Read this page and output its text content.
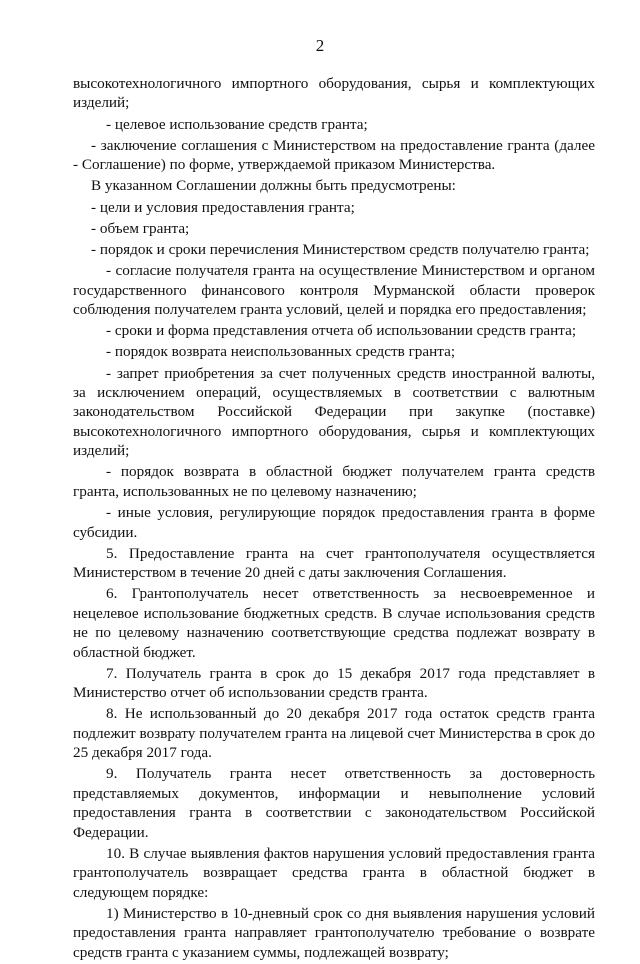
2

высокотехнологичного импортного оборудования, сырья и комплектующих изделий;

- целевое использование средств гранта;

- заключение соглашения с Министерством на предоставление гранта (далее - Соглашение) по форме, утверждаемой приказом Министерства.

В указанном Соглашении должны быть предусмотрены:

- цели и условия предоставления гранта;

- объем гранта;

- порядок и сроки перечисления Министерством средств получателю гранта;

- согласие получателя гранта на осуществление Министерством и органом государственного финансового контроля Мурманской области проверок соблюдения получателем гранта условий, целей и порядка его предоставления;

- сроки и форма представления отчета об использовании средств гранта;

- порядок возврата неиспользованных средств гранта;

- запрет приобретения за счет полученных средств иностранной валюты, за исключением операций, осуществляемых в соответствии с валютным законодательством Российской Федерации при закупке (поставке) высокотехнологичного импортного оборудования, сырья и комплектующих изделий;

- порядок возврата в областной бюджет получателем гранта средств гранта, использованных не по целевому назначению;

- иные условия, регулирующие порядок предоставления гранта в форме субсидии.

5. Предоставление гранта на счет грантополучателя осуществляется Министерством в течение 20 дней с даты заключения Соглашения.

6. Грантополучатель несет ответственность за несвоевременное и нецелевое использование бюджетных средств. В случае использования средств не по целевому назначению соответствующие средства подлежат возврату в областной бюджет.

7. Получатель гранта в срок до 15 декабря 2017 года представляет в Министерство отчет об использовании средств гранта.

8. Не использованный до 20 декабря 2017 года остаток средств гранта подлежит возврату получателем гранта на лицевой счет Министерства в срок до 25 декабря 2017 года.

9. Получатель гранта несет ответственность за достоверность представляемых документов, информации и невыполнение условий предоставления гранта в соответствии с законодательством Российской Федерации.

10. В случае выявления фактов нарушения условий предоставления гранта грантополучатель возвращает средства гранта в областной бюджет в следующем порядке:

1) Министерство в 10-дневный срок со дня выявления нарушения условий предоставления гранта направляет грантополучателю требование о возврате средств гранта с указанием суммы, подлежащей возврату;
